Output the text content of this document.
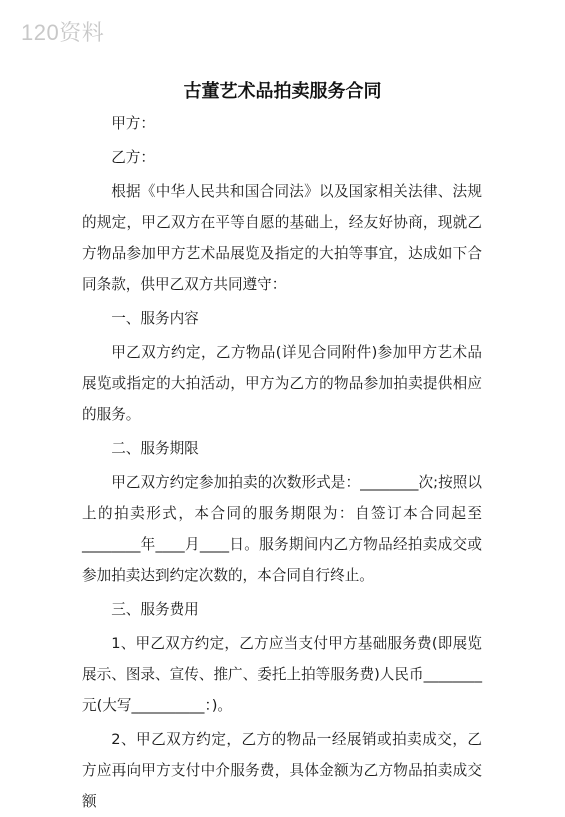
120资料
古董艺术品拍卖服务合同

甲方：

乙方：

根据《中华人民共和国合同法》以及国家相关法律、法规的规定，甲乙双方在平等自愿的基础上，经友好协商，现就乙方物品参加甲方艺术品展览及指定的大拍等事宜，达成如下合同条款，供甲乙双方共同遵守：

一、服务内容

甲乙双方约定，乙方物品(详见合同附件)参加甲方艺术品展览或指定的大拍活动，甲方为乙方的物品参加拍卖提供相应的服务。

二、服务期限

甲乙双方约定参加拍卖的次数形式是：________次;按照以上的拍卖形式，本合同的服务期限为：自签订本合同起至________年____月____日。服务期间内乙方物品经拍卖成交或参加拍卖达到约定次数的，本合同自行终止。

三、服务费用

1、甲乙双方约定，乙方应当支付甲方基础服务费(即展览展示、图录、宣传、推广、委托上拍等服务费)人民币________元(大写__________：)。

2、甲乙双方约定，乙方的物品一经展销或拍卖成交，乙方应再向甲方支付中介服务费，具体金额为乙方物品拍卖成交额
